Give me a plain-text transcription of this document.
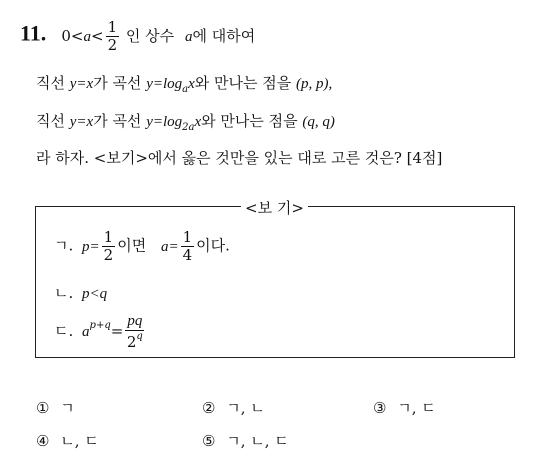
11. $0<a< \frac{1}{2}$ 인 상수 a에 대하여
직선 y=x가 곡선 $y=\log_ax$와 만나는 점을 (p, p),
직선 y=x가 곡선 $y=\log_{2a}x$와 만나는 점을 (q, q)
라 하자. <보기>에서 옳은 것만을 있는 대로 고른 것은? [4점]
<보 기>
ㄱ. $p= \frac{1}{2}$ 이면 $a= \frac{1}{4}$ 이다.
ㄴ. p<q
ㄷ. $a^{p+q}= \frac{pq}{2^q}$
① ㄱ	② ㄱ, ㄴ	③ ㄱ, ㄷ
④ ㄴ, ㄷ	⑤ ㄱ, ㄴ, ㄷ
